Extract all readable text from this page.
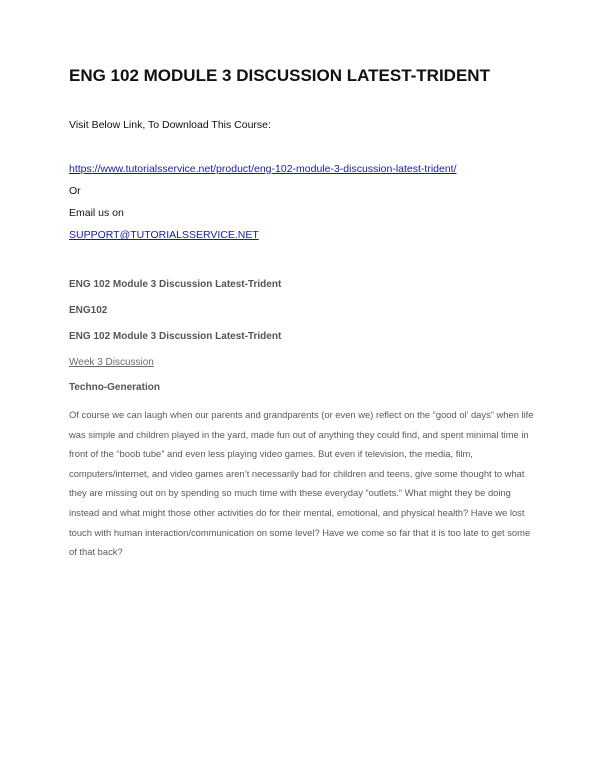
ENG 102 MODULE 3 DISCUSSION LATEST-TRIDENT

Visit Below Link, To Download This Course:

https://www.tutorialsservice.net/product/eng-102-module-3-discussion-latest-trident/

Or

Email us on

SUPPORT@TUTORIALSSERVICE.NET

ENG 102 Module 3 Discussion Latest-Trident

ENG102

ENG 102 Module 3 Discussion Latest-Trident

Week 3 Discussion

Techno-Generation

Of course we can laugh when our parents and grandparents (or even we) reflect on the “good ol’ days” when life was simple and children played in the yard, made fun out of anything they could find, and spent minimal time in front of the “boob tube” and even less playing video games. But even if television, the media, film, computers/internet, and video games aren’t necessarily bad for children and teens, give some thought to what they are missing out on by spending so much time with these everyday “outlets.” What might they be doing instead and what might those other activities do for their mental, emotional, and physical health? Have we lost touch with human interaction/communication on some level? Have we come so far that it is too late to get some of that back?
